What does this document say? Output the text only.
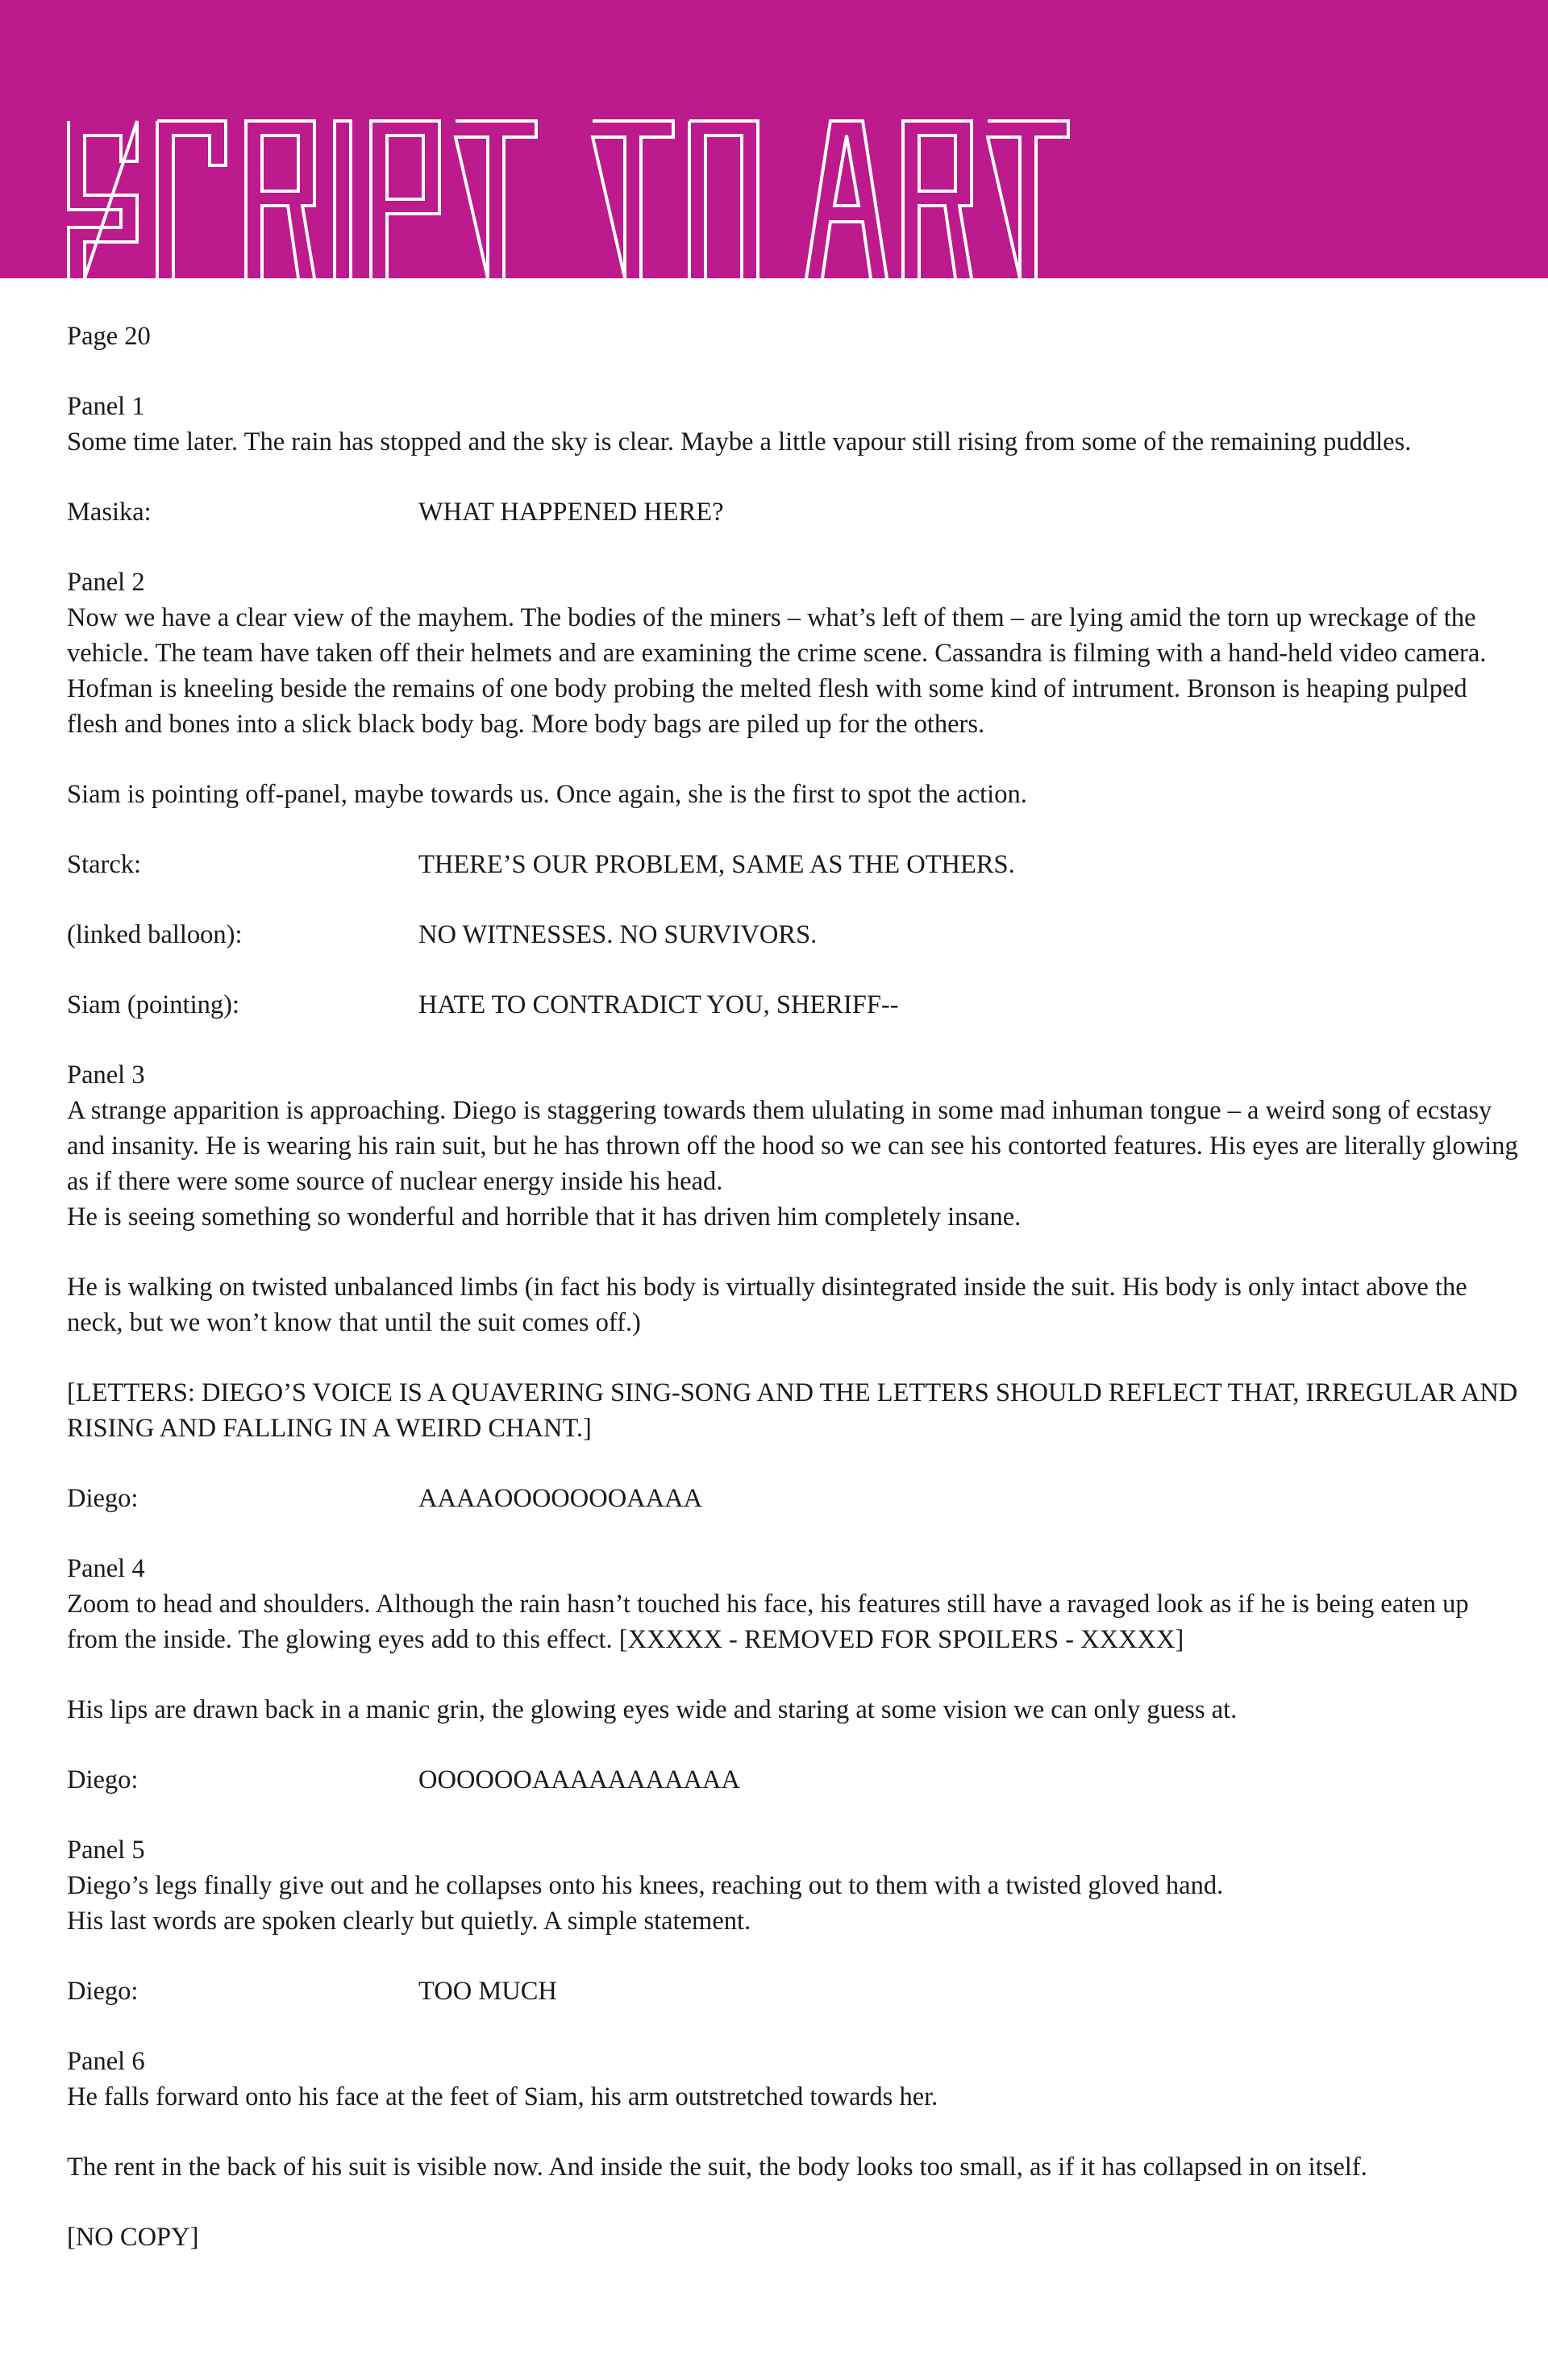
Page 20

Panel 1
Some time later. The rain has stopped and the sky is clear. Maybe a little vapour still rising from some of the remaining puddles.

Masika:	WHAT HAPPENED HERE?

Panel 2
Now we have a clear view of the mayhem. The bodies of the miners – what’s left of them – are lying amid the torn up wreckage of the vehicle. The team have taken off their helmets and are examining the crime scene. Cassandra is filming with a hand-held video camera. Hofman is kneeling beside the remains of one body probing the melted flesh with some kind of intrument. Bronson is heaping pulped flesh and bones into a slick black body bag. More body bags are piled up for the others.

Siam is pointing off-panel, maybe towards us. Once again, she is the first to spot the action.

Starck:	THERE’S OUR PROBLEM, SAME AS THE OTHERS.
(linked balloon):	NO WITNESSES. NO SURVIVORS.
Siam (pointing):	HATE TO CONTRADICT YOU, SHERIFF--

Panel 3
A strange apparition is approaching. Diego is staggering towards them ululating in some mad inhuman tongue – a weird song of ecstasy and insanity. He is wearing his rain suit, but he has thrown off the hood so we can see his contorted features. His eyes are literally glowing as if there were some source of nuclear energy inside his head.
He is seeing something so wonderful and horrible that it has driven him completely insane.

He is walking on twisted unbalanced limbs (in fact his body is virtually disintegrated inside the suit. His body is only intact above the neck, but we won’t know that until the suit comes off.)

[LETTERS: DIEGO’S VOICE IS A QUAVERING SING-SONG AND THE LETTERS SHOULD REFLECT THAT, IRREGULAR AND RISING AND FALLING IN A WEIRD CHANT.]

Diego:	AAAAOOOOOOOAAAA

Panel 4
Zoom to head and shoulders. Although the rain hasn’t touched his face, his features still have a ravaged look as if he is being eaten up from the inside. The glowing eyes add to this effect. [XXXXX - REMOVED FOR SPOILERS - XXXXX]

His lips are drawn back in a manic grin, the glowing eyes wide and staring at some vision we can only guess at.

Diego:	OOOOOOAAAAAAAAAAA

Panel 5
Diego’s legs finally give out and he collapses onto his knees, reaching out to them with a twisted gloved hand.
His last words are spoken clearly but quietly. A simple statement.

Diego:	TOO MUCH

Panel 6
He falls forward onto his face at the feet of Siam, his arm outstretched towards her.

The rent in the back of his suit is visible now. And inside the suit, the body looks too small, as if it has collapsed in on itself.

[NO COPY]
